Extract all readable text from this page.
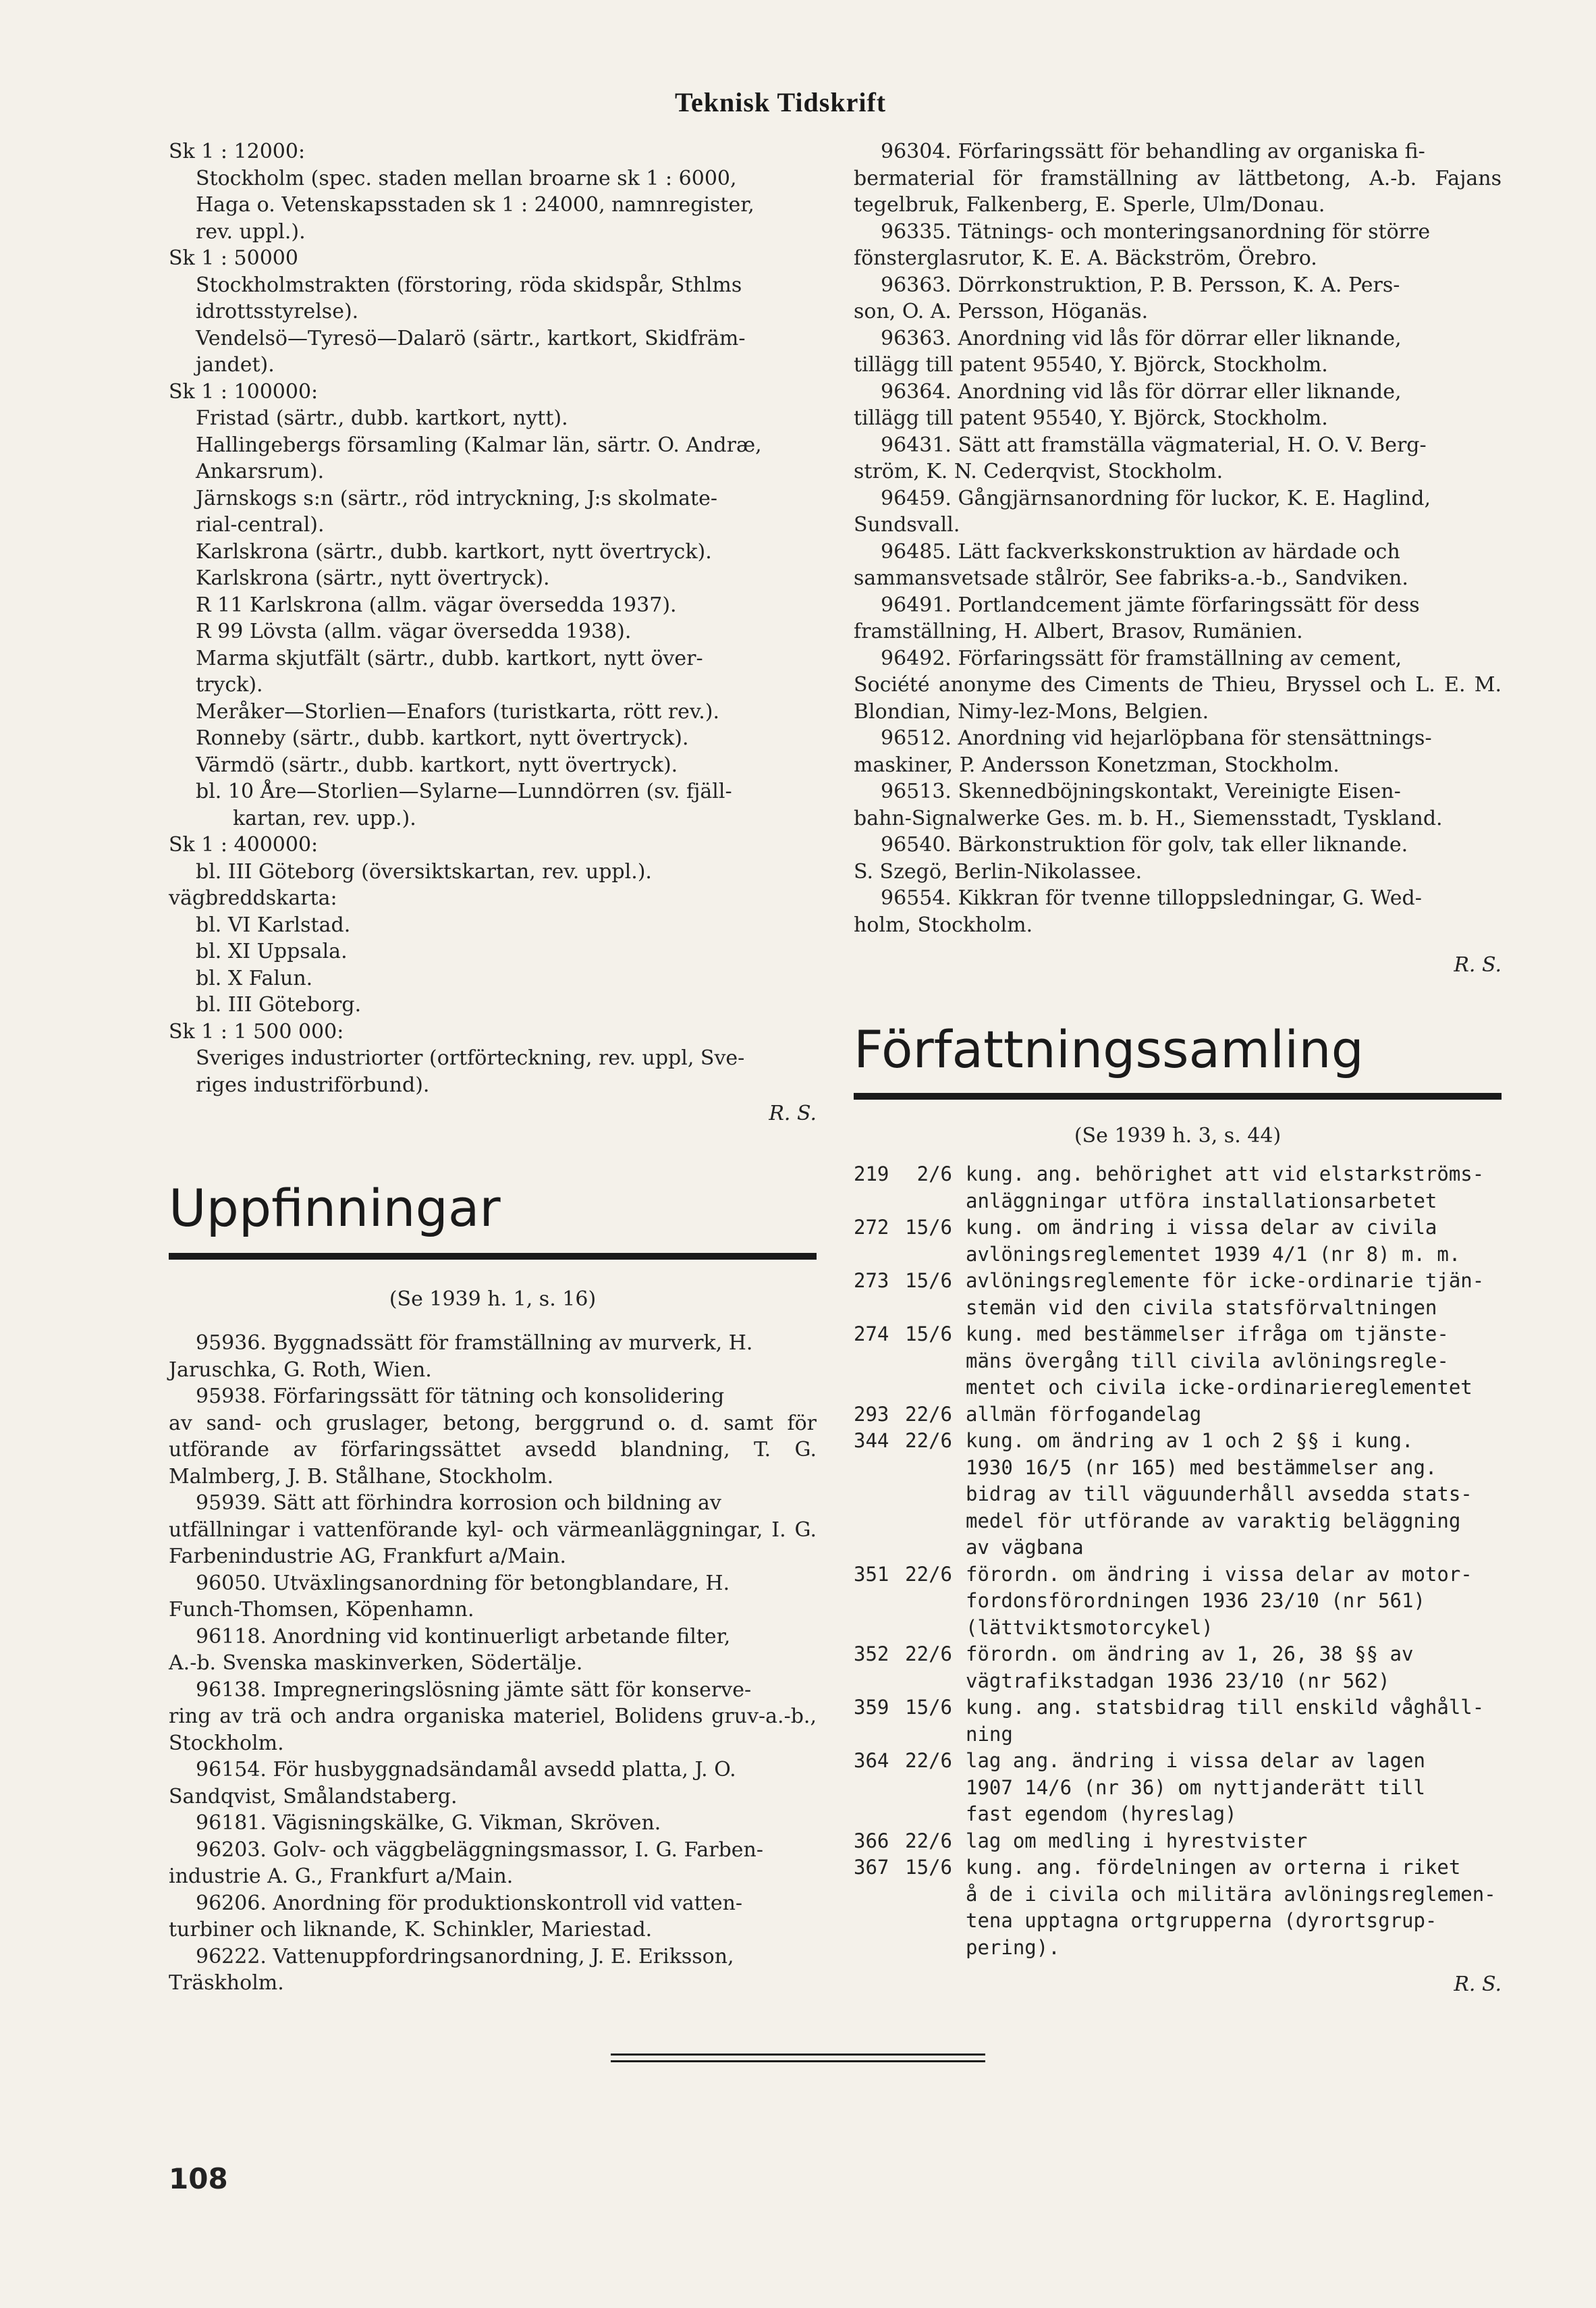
Teknisk Tidskrift
Sk 1 : 12000:
Stockholm (spec. staden mellan broarne sk 1 : 6000,
Haga o. Vetenskapsstaden sk 1 : 24000, namnregister,
rev. uppl.).
Sk 1 : 50000
Stockholmstrakten (förstoring, röda skidspår, Sthlms
idrottsstyrelse).
Vendelsö—Tyresö—Dalarö (särtr., kartkort, Skidfräm-
jandet).
Sk 1 : 100000:
Fristad (särtr., dubb. kartkort, nytt).
Hallingebergs församling (Kalmar län, särtr. O. Andræ,
Ankarsrum).
Järnskogs s:n (särtr., röd intryckning, J:s skolmate-
rial-central).
Karlskrona (särtr., dubb. kartkort, nytt övertryck).
Karlskrona (särtr., nytt övertryck).
R 11 Karlskrona (allm. vägar översedda 1937).
R 99 Lövsta (allm. vägar översedda 1938).
Marma skjutfält (särtr., dubb. kartkort, nytt över-
tryck).
Meråker—Storlien—Enafors (turistkarta, rött rev.).
Ronneby (särtr., dubb. kartkort, nytt övertryck).
Värmdö (särtr., dubb. kartkort, nytt övertryck).
bl. 10 Åre—Storlien—Sylarne—Lunndörren (sv. fjäll-
kartan, rev. upp.).
Sk 1 : 400000:
bl. III Göteborg (översiktskartan, rev. uppl.).
vägbreddskarta:
bl. VI Karlstad.
bl. XI Uppsala.
bl. X Falun.
bl. III Göteborg.
Sk 1 : 1 500 000:
Sveriges industriorter (ortförteckning, rev. uppl, Sve-
riges industriförbund).
R. S.
Uppfinningar
(Se 1939 h. 1, s. 16)
95936. Byggnadssätt för framställning av murverk, H.
Jaruschka, G. Roth, Wien.
95938. Förfaringssätt för tätning och konsolidering
av sand- och gruslager, betong, berggrund o. d. samt för utförande av förfaringssättet avsedd blandning, T. G. Malmberg, J. B. Stålhane, Stockholm.
95939. Sätt att förhindra korrosion och bildning av
utfällningar i vattenförande kyl- och värmeanläggningar, I. G. Farbenindustrie AG, Frankfurt a/Main.
96050. Utväxlingsanordning för betongblandare, H.
Funch-Thomsen, Köpenhamn.
96118. Anordning vid kontinuerligt arbetande filter,
A.-b. Svenska maskinverken, Södertälje.
96138. Impregneringslösning jämte sätt för konserve-
ring av trä och andra organiska materiel, Bolidens gruv-a.-b., Stockholm.
96154. För husbyggnadsändamål avsedd platta, J. O.
Sandqvist, Smålandstaberg.
96181. Vägisningskälke, G. Vikman, Skröven.
96203. Golv- och väggbeläggningsmassor, I. G. Farben-
industrie A. G., Frankfurt a/Main.
96206. Anordning för produktionskontroll vid vatten-
turbiner och liknande, K. Schinkler, Mariestad.
96222. Vattenuppfordringsanordning, J. E. Eriksson,
Träskholm.
96304. Förfaringssätt för behandling av organiska fi-
bermaterial för framställning av lättbetong, A.-b. Fajans tegelbruk, Falkenberg, E. Sperle, Ulm/Donau.
96335. Tätnings- och monteringsanordning för större
fönsterglasrutor, K. E. A. Bäckström, Örebro.
96363. Dörrkonstruktion, P. B. Persson, K. A. Pers-
son, O. A. Persson, Höganäs.
96363. Anordning vid lås för dörrar eller liknande,
tillägg till patent 95540, Y. Björck, Stockholm.
96364. Anordning vid lås för dörrar eller liknande,
tillägg till patent 95540, Y. Björck, Stockholm.
96431. Sätt att framställa vägmaterial, H. O. V. Berg-
ström, K. N. Cederqvist, Stockholm.
96459. Gångjärnsanordning för luckor, K. E. Haglind,
Sundsvall.
96485. Lätt fackverkskonstruktion av härdade och
sammansvetsade stålrör, See fabriks-a.-b., Sandviken.
96491. Portlandcement jämte förfaringssätt för dess
framställning, H. Albert, Brasov, Rumänien.
96492. Förfaringssätt för framställning av cement,
Société anonyme des Ciments de Thieu, Bryssel och L. E. M. Blondian, Nimy-lez-Mons, Belgien.
96512. Anordning vid hejarlöpbana för stensättnings-
maskiner, P. Andersson Konetzman, Stockholm.
96513. Skennedböjningskontakt, Vereinigte Eisen-
bahn-Signalwerke Ges. m. b. H., Siemensstadt, Tyskland.
96540. Bärkonstruktion för golv, tak eller liknande.
S. Szegö, Berlin-Nikolassee.
96554. Kikkran för tvenne tilloppsledningar, G. Wed-
holm, Stockholm.
R. S.
Författningssamling
(Se 1939 h. 3, s. 44)
219	2/6 kung. ang. behörighet att vid elstarkströms-
anläggningar utföra installationsarbetet
272 15/6 kung. om ändring i vissa delar av civila
avlöningsreglementet 1939 4/1 (nr 8) m. m.
273 15/6 avlöningsreglemente för icke-ordinarie tjän-
stemän vid den civila statsförvaltningen
274 15/6 kung. med bestämmelser ifråga om tjänste-
mäns övergång till civila avlöningsregle-
mentet och civila icke-ordinariereglementet
293 22/6 allmän förfogandelag
344 22/6 kung. om ändring av 1 och 2 §§ i kung.
1930 16/5 (nr 165) med bestämmelser ang.
bidrag av till väguunderhåll avsedda stats-
medel för utförande av varaktig beläggning
av vägbana
351 22/6 förordn. om ändring i vissa delar av motor-
fordonsförordningen 1936 23/10 (nr 561)
(lättviktsmotorcykel)
352 22/6 förordn. om ändring av 1, 26, 38 §§ av
vägtrafikstadgan 1936 23/10 (nr 562)
359 15/6 kung. ang. statsbidrag till enskild våghåll-
ning
364 22/6 lag ang. ändring i vissa delar av lagen
1907 14/6 (nr 36) om nyttjanderätt till
fast egendom (hyreslag)
366 22/6 lag om medling i hyrestvister
367 15/6 kung. ang. fördelningen av orterna i riket
å de i civila och militära avlöningsreglemen-
tena upptagna ortgrupperna (dyrortsgrup-
pering).
R. S.
108
